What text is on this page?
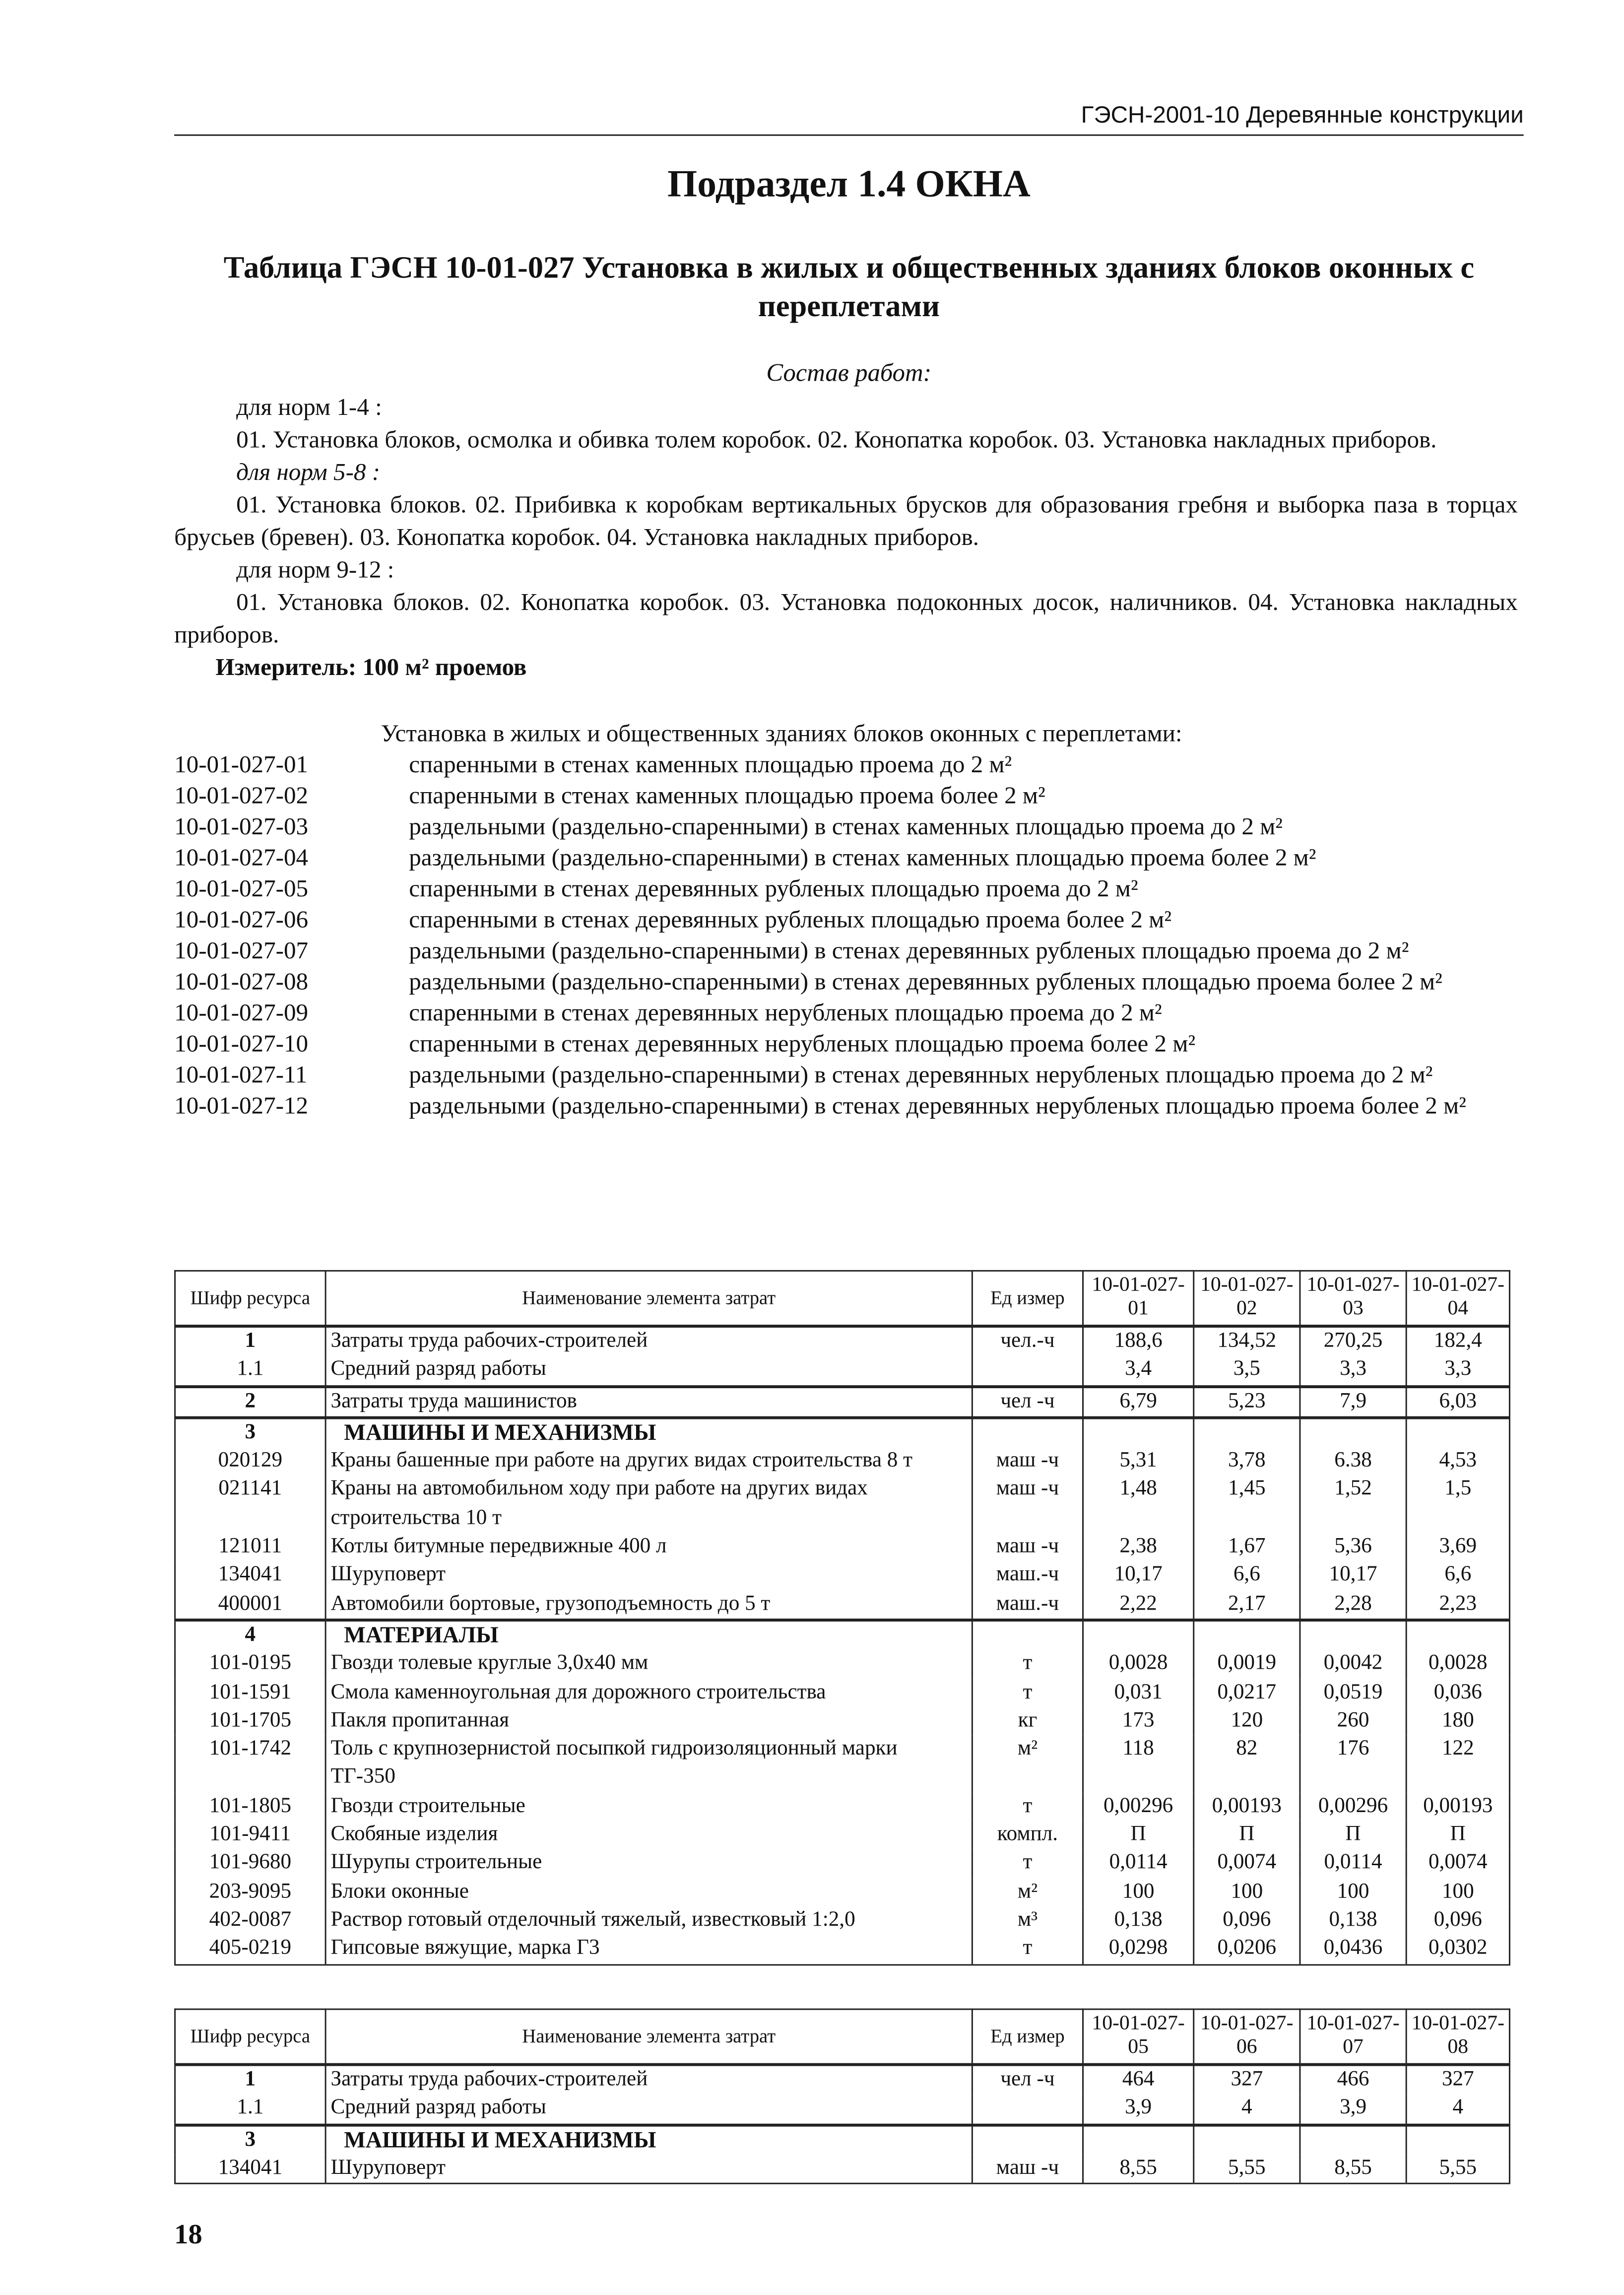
ГЭСН-2001-10 Деревянные конструкции
Подраздел 1.4 ОКНА
Таблица ГЭСН 10-01-027 Установка в жилых и общественных зданиях блоков оконных с переплетами
Состав работ:
для норм 1-4 :
01. Установка блоков, осмолка и обивка толем коробок. 02. Конопатка коробок. 03. Установка накладных приборов.
для норм 5-8 :
01. Установка блоков. 02. Прибивка к коробкам вертикальных брусков для образования гребня и выборка паза в торцах брусьев (бревен). 03. Конопатка коробок. 04. Установка накладных приборов.
для норм 9-12 :
01. Установка блоков. 02. Конопатка коробок. 03. Установка подоконных досок, наличников. 04. Установка накладных приборов.
Измеритель: 100 м² проемов
Установка в жилых и общественных зданиях блоков оконных с переплетами:
10-01-027-01	спаренными в стенах каменных площадью проема до 2 м²
10-01-027-02	спаренными в стенах каменных площадью проема более 2 м²
10-01-027-03	раздельными (раздельно-спаренными) в стенах каменных площадью проема до 2 м²
10-01-027-04	раздельными (раздельно-спаренными) в стенах каменных площадью проема более 2 м²
10-01-027-05	спаренными в стенах деревянных рубленых площадью проема до 2 м²
10-01-027-06	спаренными в стенах деревянных рубленых площадью проема более 2 м²
10-01-027-07	раздельными (раздельно-спаренными) в стенах деревянных рубленых площадью проема до 2 м²
10-01-027-08	раздельными (раздельно-спаренными) в стенах деревянных рубленых площадью проема более 2 м²
10-01-027-09	спаренными в стенах деревянных нерубленых площадью проема до 2 м²
10-01-027-10	спаренными в стенах деревянных нерубленых площадью проема более 2 м²
10-01-027-11	раздельными (раздельно-спаренными) в стенах деревянных нерубленых площадью проема до 2 м²
10-01-027-12	раздельными (раздельно-спаренными) в стенах деревянных нерубленых площадью проема более 2 м²
Шифр ресурса	Наименование элемента затрат	Ед измер	10-01-027-01	10-01-027-02	10-01-027-03	10-01-027-04
1	Затраты труда рабочих-строителей	чел.-ч	188,6	134,52	270,25	182,4
1.1	Средний разряд работы		3,4	3,5	3,3	3,3
2	Затраты труда машинистов	чел -ч	6,79	5,23	7,9	6,03
3	МАШИНЫ И МЕХАНИЗМЫ					
020129	Краны башенные при работе на других видах строительства 8 т	маш -ч	5,31	3,78	6.38	4,53
021141	Краны на автомобильном ходу при работе на других видах строительства 10 т	маш -ч	1,48	1,45	1,52	1,5
121011	Котлы битумные передвижные 400 л	маш -ч	2,38	1,67	5,36	3,69
134041	Шуруповерт	маш.-ч	10,17	6,6	10,17	6,6
400001	Автомобили бортовые, грузоподъемность до 5 т	маш.-ч	2,22	2,17	2,28	2,23
4	МАТЕРИАЛЫ					
101-0195	Гвозди толевые круглые 3,0х40 мм	т	0,0028	0,0019	0,0042	0,0028
101-1591	Смола каменноугольная для дорожного строительства	т	0,031	0,0217	0,0519	0,036
101-1705	Пакля пропитанная	кг	173	120	260	180
101-1742	Толь с крупнозернистой посыпкой гидроизоляционный марки ТГ-350	м²	118	82	176	122
101-1805	Гвозди строительные	т	0,00296	0,00193	0,00296	0,00193
101-9411	Скобяные изделия	компл.	П	П	П	П
101-9680	Шурупы строительные	т	0,0114	0,0074	0,0114	0,0074
203-9095	Блоки оконные	м²	100	100	100	100
402-0087	Раствор готовый отделочный тяжелый, известковый 1:2,0	м³	0,138	0,096	0,138	0,096
405-0219	Гипсовые вяжущие, марка Г3	т	0,0298	0,0206	0,0436	0,0302
Шифр ресурса	Наименование элемента затрат	Ед измер	10-01-027-05	10-01-027-06	10-01-027-07	10-01-027-08
1	Затраты труда рабочих-строителей	чел -ч	464	327	466	327
1.1	Средний разряд работы		3,9	4	3,9	4
3	МАШИНЫ И МЕХАНИЗМЫ					
134041	Шуруповерт	маш -ч	8,55	5,55	8,55	5,55
18
